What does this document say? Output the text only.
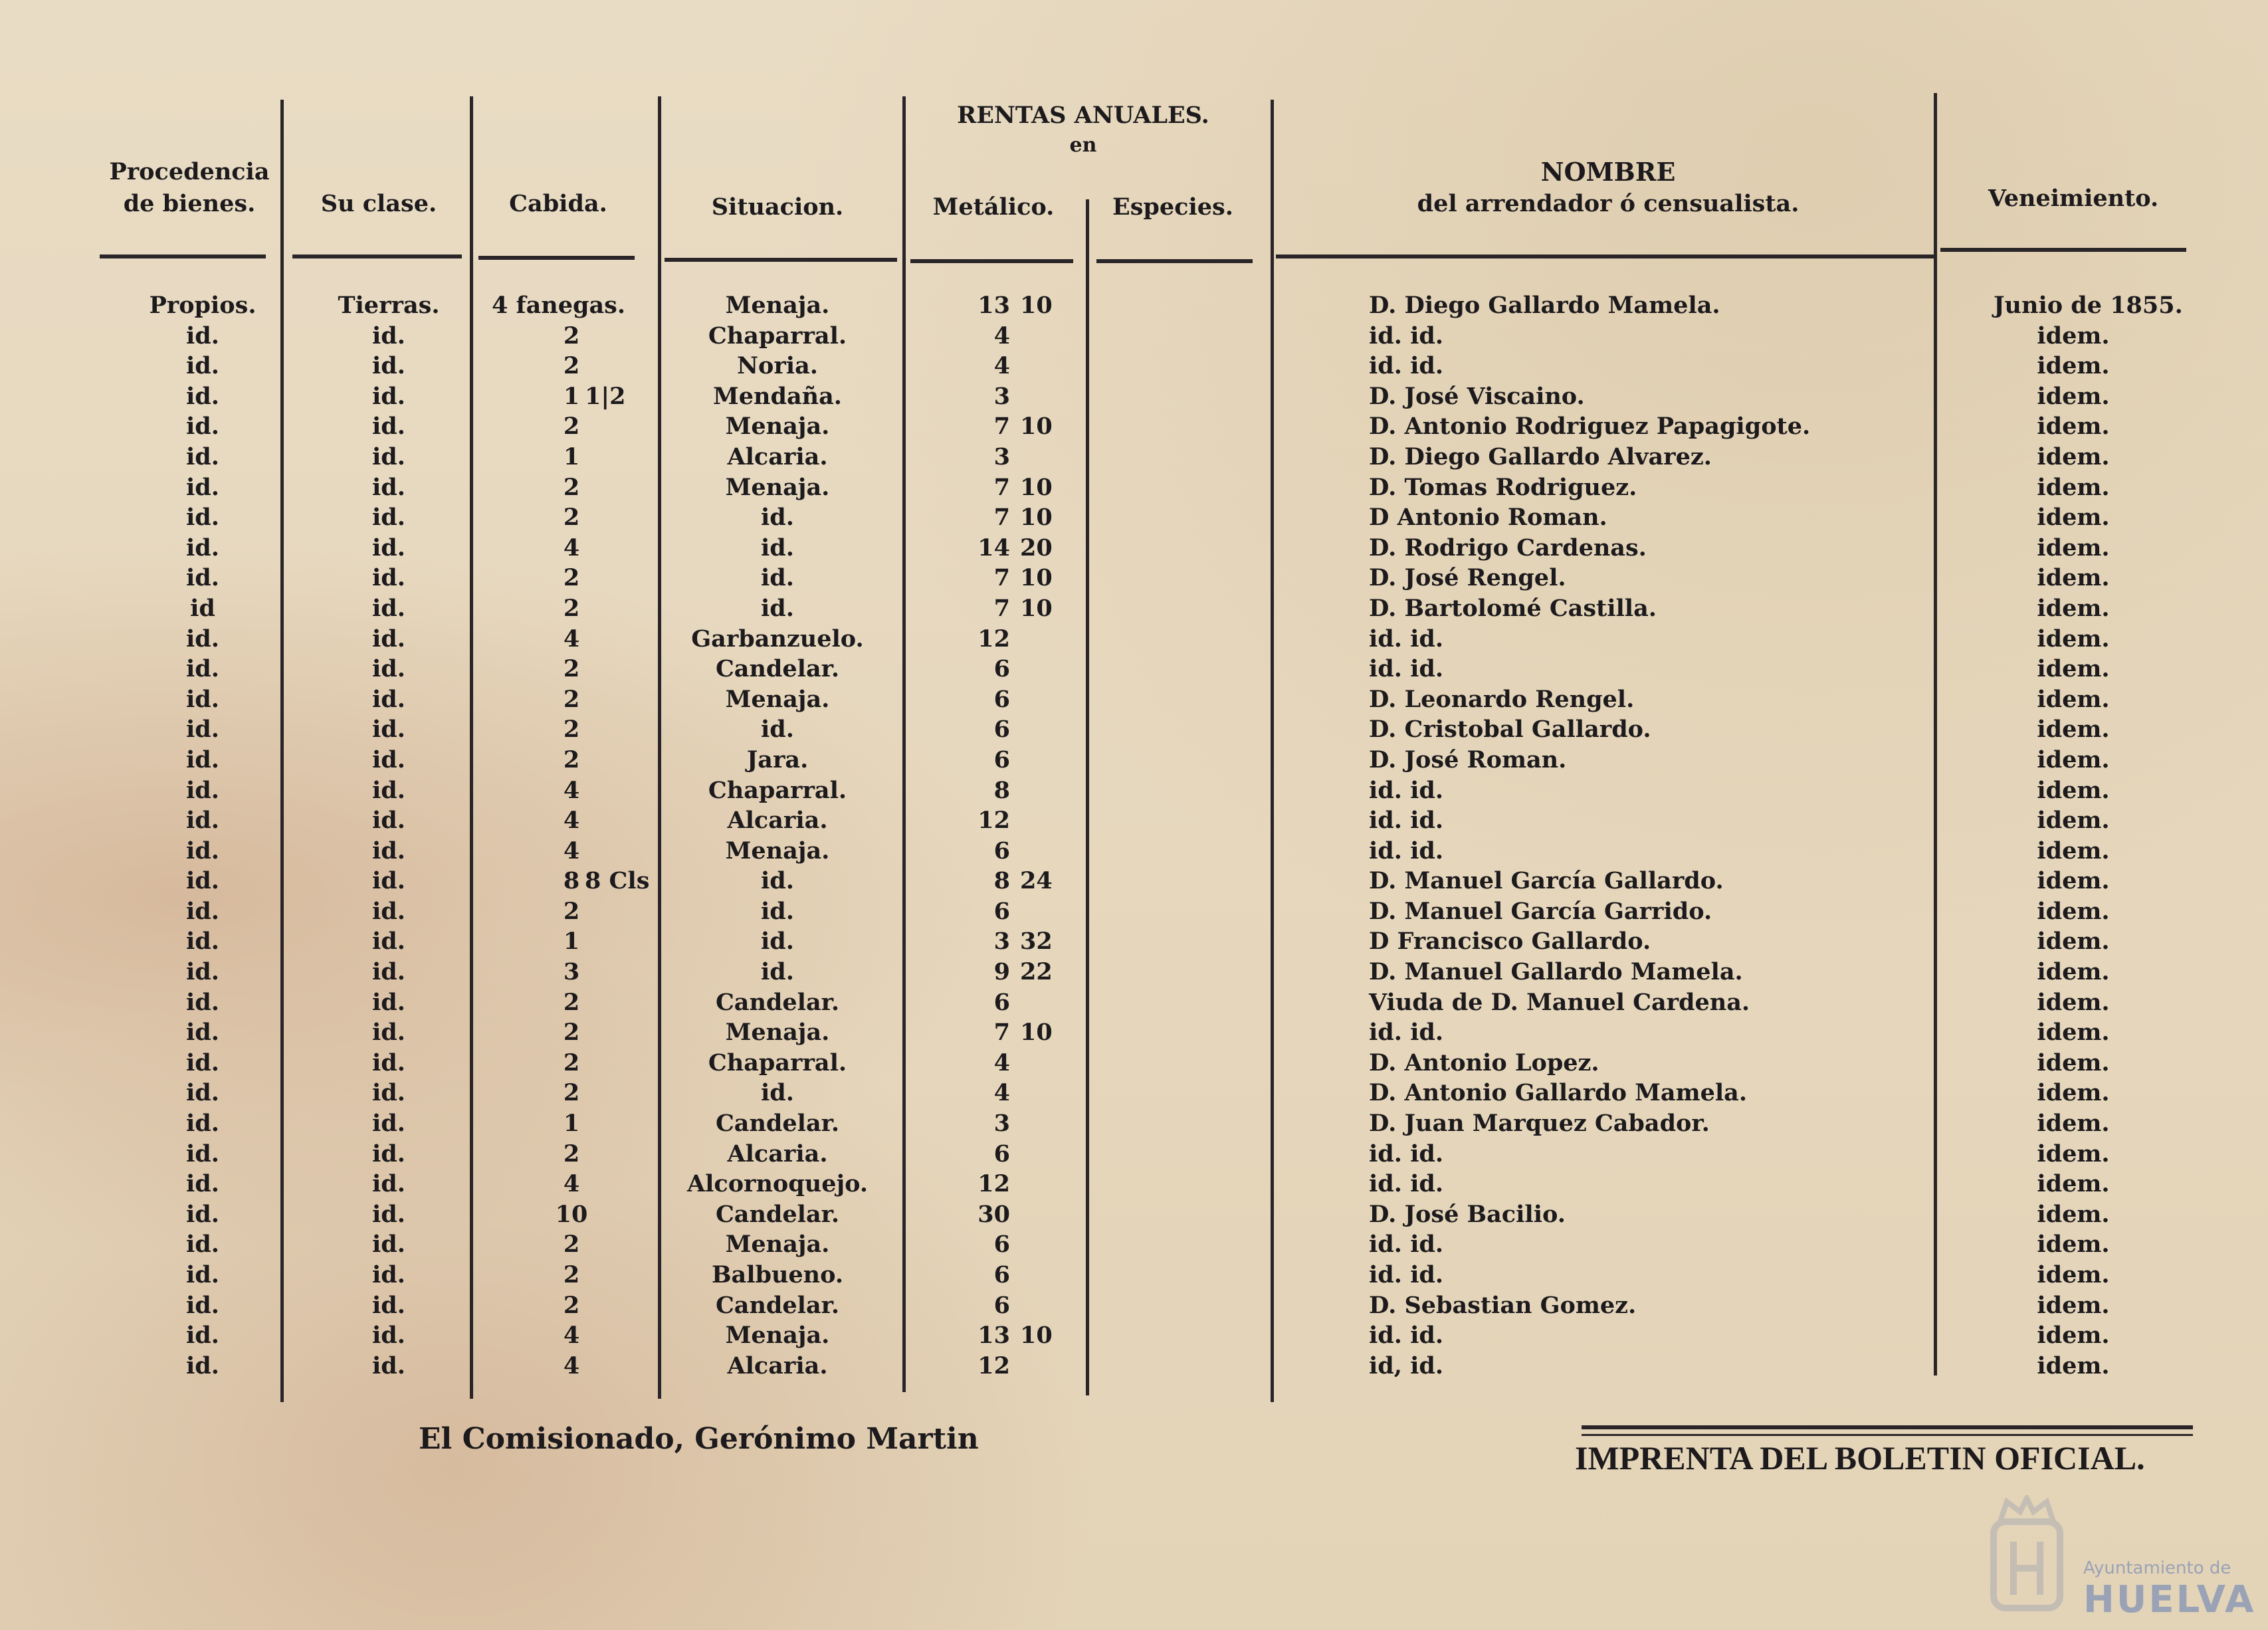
Procedencia de bienes.	Su clase.	Cabida.	Situacion.
RENTAS ANUALES.
en
Metálico.	Especies.
NOMBRE
del arrendador ó censualista.	Veneimiento.
Propios.	Tierras.	4 fanegas.	Menaja.	13 10	D. Diego Gallardo Mamela.	Junio de 1855.
id.	id.	2	Chaparral.	4	id. id.	idem.
id.	id.	2	Noria.	4	id. id.	idem.
id.	id.	1 1|2	Mendaña.	3	D. José Viscaino.	idem.
id.	id.	2	Menaja.	7 10	D. Antonio Rodriguez Papagigote.	idem.
id.	id.	1	Alcaria.	3	D. Diego Gallardo Alvarez.	idem.
id.	id.	2	Menaja.	7 10	D. Tomas Rodriguez.	idem.
id.	id.	2	id.	7 10	D Antonio Roman.	idem.
id.	id.	4	id.	14 20	D. Rodrigo Cardenas.	idem.
id.	id.	2	id.	7 10	D. José Rengel.	idem.
id	id.	2	id.	7 10	D. Bartolomé Castilla.	idem.
id.	id.	4	Garbanzuelo.	12	id. id.	idem.
id.	id.	2	Candelar.	6	id. id.	idem.
id.	id.	2	Menaja.	6	D. Leonardo Rengel.	idem.
id.	id.	2	id.	6	D. Cristobal Gallardo.	idem.
id.	id.	2	Jara.	6	D. José Roman.	idem.
id.	id.	4	Chaparral.	8	id. id.	idem.
id.	id.	4	Alcaria.	12	id. id.	idem.
id.	id.	4	Menaja.	6	id. id.	idem.
id.	id.	8 8 Cls	id.	8 24	D. Manuel García Gallardo.	idem.
id.	id.	2	id.	6	D. Manuel García Garrido.	idem.
id.	id.	1	id.	3 32	D Francisco Gallardo.	idem.
id.	id.	3	id.	9 22	D. Manuel Gallardo Mamela.	idem.
id.	id.	2	Candelar.	6	Viuda de D. Manuel Cardena.	idem.
id.	id.	2	Menaja.	7 10	id. id.	idem.
id.	id.	2	Chaparral.	4	D. Antonio Lopez.	idem.
id.	id.	2	id.	4	D. Antonio Gallardo Mamela.	idem.
id.	id.	1	Candelar.	3	D. Juan Marquez Cabador.	idem.
id.	id.	2	Alcaria.	6	id. id.	idem.
id.	id.	4	Alcornoquejo.	12	id. id.	idem.
id.	id.	10	Candelar.	30	D. José Bacilio.	idem.
id.	id.	2	Menaja.	6	id. id.	idem.
id.	id.	2	Balbueno.	6	id. id.	idem.
id.	id.	2	Candelar.	6	D. Sebastian Gomez.	idem.
id.	id.	4	Menaja.	13 10	id. id.	idem.
id.	id.	4	Alcaria.	12	id, id.	idem.
El Comisionado, Gerónimo Martin
IMPRENTA DEL BOLETIN OFICIAL.
Ayuntamiento de
HUELVA
